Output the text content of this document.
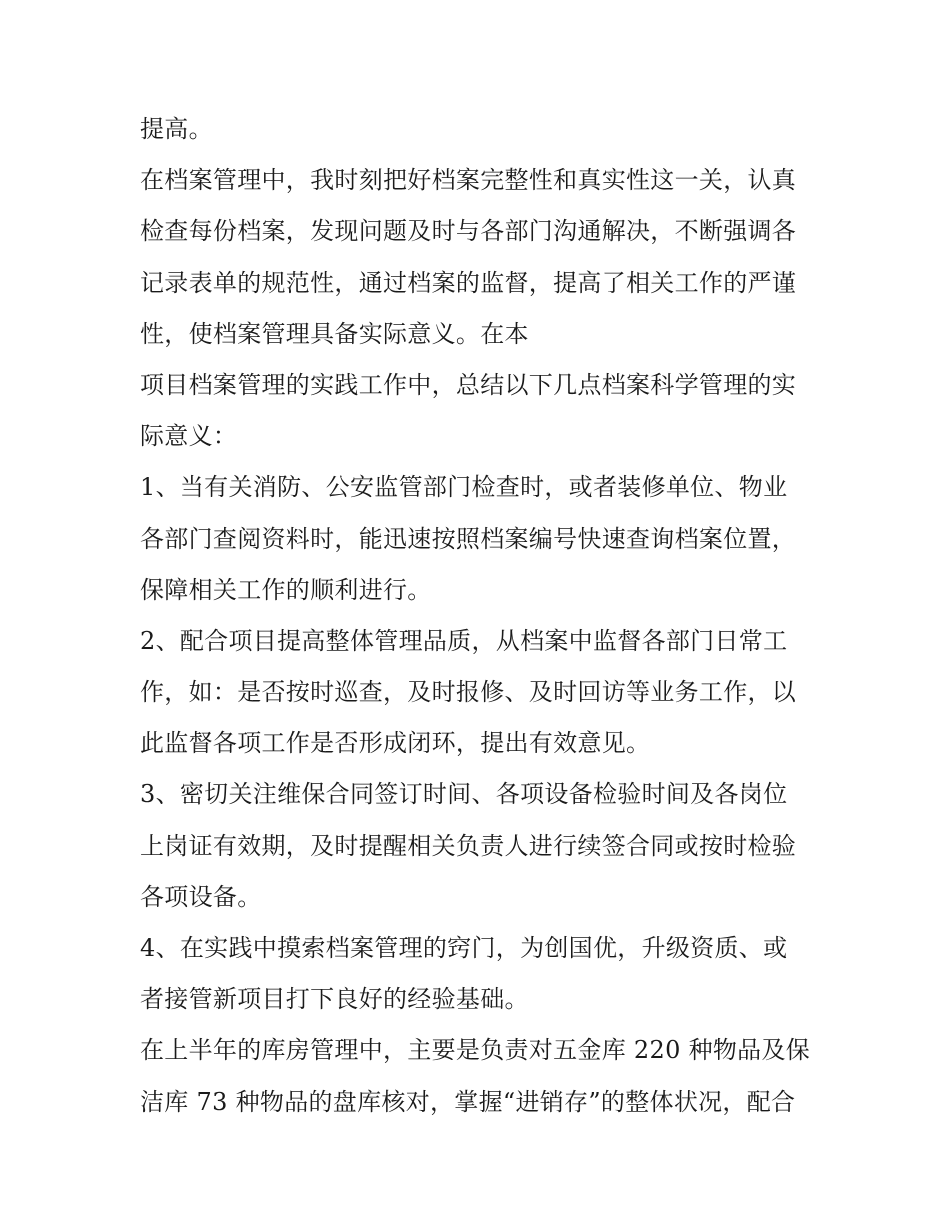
提高。
在档案管理中，我时刻把好档案完整性和真实性这一关，认真
检查每份档案，发现问题及时与各部门沟通解决，不断强调各
记录表单的规范性，通过档案的监督，提高了相关工作的严谨
性，使档案管理具备实际意义。在本
项目档案管理的实践工作中，总结以下几点档案科学管理的实
际意义：
1、当有关消防、公安监管部门检查时，或者装修单位、物业
各部门查阅资料时，能迅速按照档案编号快速查询档案位置，
保障相关工作的顺利进行。
2、配合项目提高整体管理品质，从档案中监督各部门日常工
作，如：是否按时巡查，及时报修、及时回访等业务工作，以
此监督各项工作是否形成闭环，提出有效意见。
3、密切关注维保合同签订时间、各项设备检验时间及各岗位
上岗证有效期，及时提醒相关负责人进行续签合同或按时检验
各项设备。
4、在实践中摸索档案管理的窍门，为创国优，升级资质、或
者接管新项目打下良好的经验基础。
在上半年的库房管理中，主要是负责对五金库 220 种物品及保
洁库 73 种物品的盘库核对，掌握“进销存”的整体状况，配合
